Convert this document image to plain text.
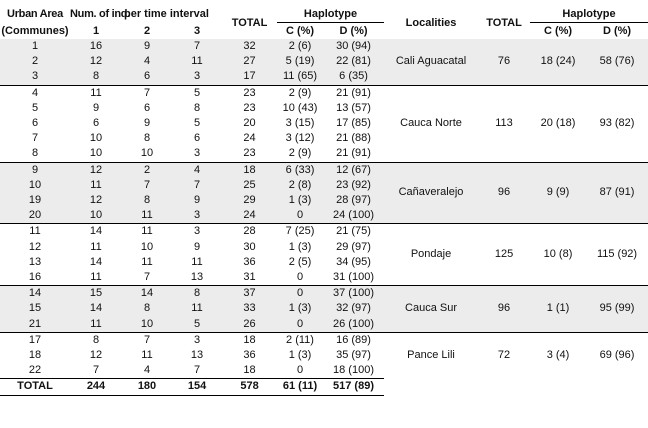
Urban Area	Num. of ind.	per time interval		TOTAL	Haplotype		Localities	TOTAL	Haplotype	
(Communes)	1	2	3		C (%)	D (%)			C (%)	D (%)
1	16	9	7	32	2 (6)	30 (94)	Cali Aguacatal	76	18 (24)	58 (76)
2	12	4	11	27	5 (19)	22 (81)				
3	8	6	3	17	11 (65)	6 (35)				
4	11	7	5	23	2 (9)	21 (91)	Cauca Norte	113	20 (18)	93 (82)
5	9	6	8	23	10 (43)	13 (57)				
6	6	9	5	20	3 (15)	17 (85)				
7	10	8	6	24	3 (12)	21 (88)				
8	10	10	3	23	2 (9)	21 (91)				
9	12	2	4	18	6 (33)	12 (67)	Cañaveralejo	96	9 (9)	87 (91)
10	11	7	7	25	2 (8)	23 (92)				
19	12	8	9	29	1 (3)	28 (97)				
20	10	11	3	24	0	24 (100)				
11	14	11	3	28	7 (25)	21 (75)	Pondaje	125	10 (8)	115 (92)
12	11	10	9	30	1 (3)	29 (97)				
13	14	11	11	36	2 (5)	34 (95)				
16	11	7	13	31	0	31 (100)				
14	15	14	8	37	0	37 (100)	Cauca Sur	96	1 (1)	95 (99)
15	14	8	11	33	1 (3)	32 (97)				
21	11	10	5	26	0	26 (100)				
17	8	7	3	18	2 (11)	16 (89)	Pance Lili	72	3 (4)	69 (96)
18	12	11	13	36	1 (3)	35 (97)				
22	7	4	7	18	0	18 (100)				
TOTAL	244	180	154	578	61 (11)	517 (89)				
